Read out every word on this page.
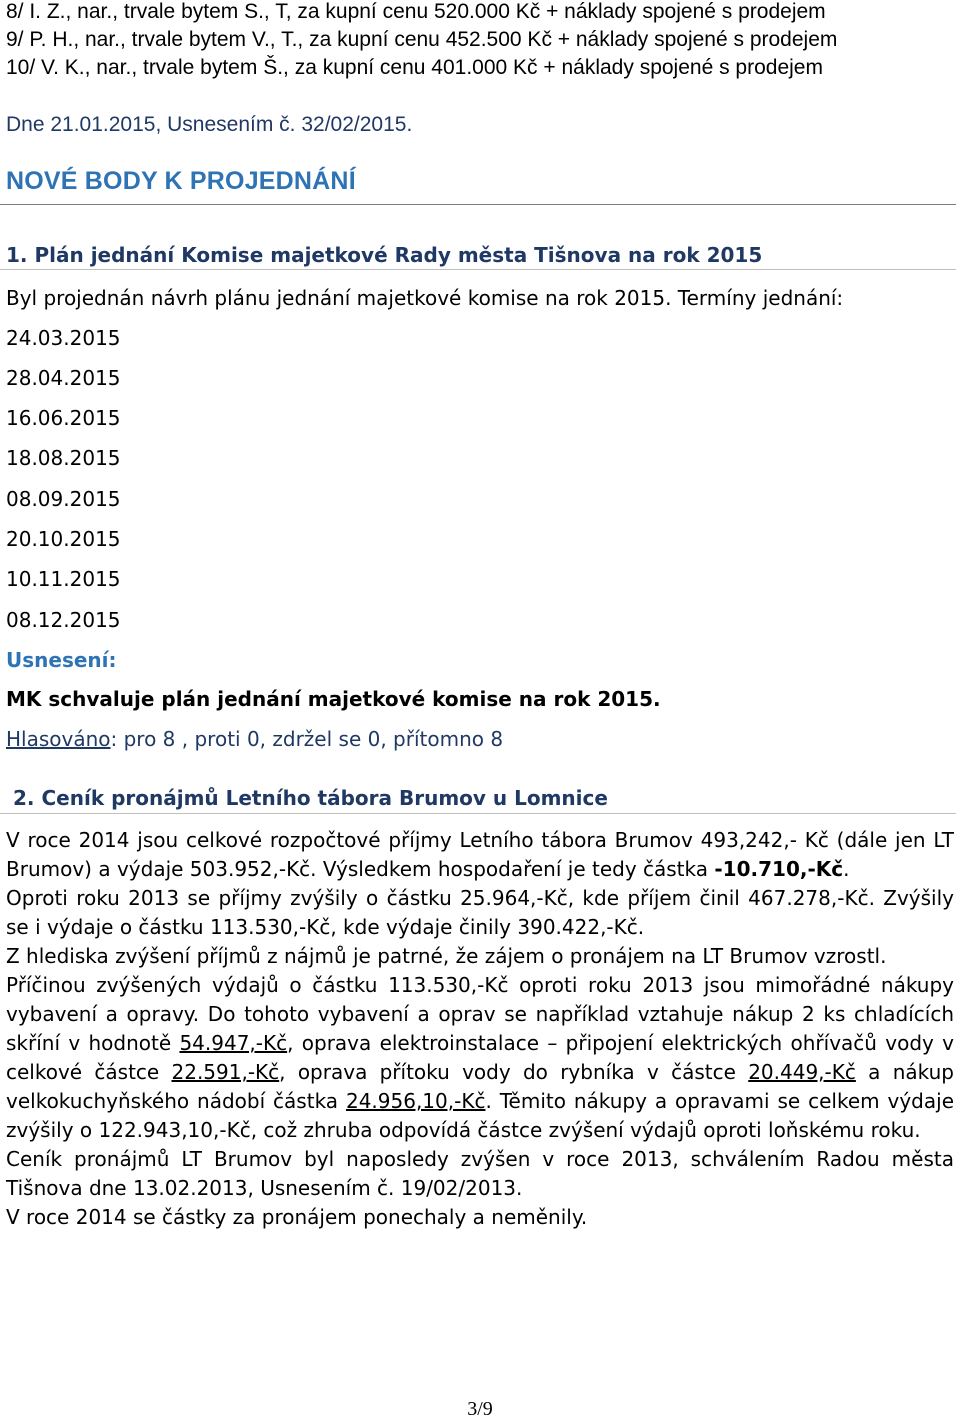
8/ I. Z., nar., trvale bytem S., T, za kupní cenu 520.000 Kč + náklady spojené s prodejem
9/ P. H., nar., trvale bytem V., T., za kupní cenu 452.500 Kč + náklady spojené s prodejem
10/ V. K., nar., trvale bytem Š., za kupní cenu 401.000 Kč + náklady spojené s prodejem
Dne 21.01.2015, Usnesením č. 32/02/2015.
NOVÉ BODY K PROJEDNÁNÍ
1. Plán jednání Komise majetkové Rady města Tišnova na rok 2015
Byl projednán návrh plánu jednání majetkové komise na rok 2015. Termíny jednání:
24.03.2015
28.04.2015
16.06.2015
18.08.2015
08.09.2015
20.10.2015
10.11.2015
08.12.2015
Usnesení:
MK schvaluje plán jednání majetkové komise na rok 2015.
Hlasováno: pro 8 , proti 0, zdržel se 0, přítomno 8
2. Ceník pronájmů Letního tábora Brumov u Lomnice

V roce 2014 jsou celkové rozpočtové příjmy Letního tábora Brumov 493,242,- Kč (dále jen LT Brumov) a výdaje 503.952,-Kč. Výsledkem hospodaření je tedy částka -10.710,-Kč.

Oproti roku 2013 se příjmy zvýšily o částku 25.964,-Kč, kde příjem činil 467.278,-Kč. Zvýšily se i výdaje o částku 113.530,-Kč, kde výdaje činily 390.422,-Kč.

Z hlediska zvýšení příjmů z nájmů je patrné, že zájem o pronájem na LT Brumov vzrostl.

Příčinou zvýšených výdajů o částku 113.530,-Kč oproti roku 2013 jsou mimořádné nákupy vybavení a opravy. Do tohoto vybavení a oprav se například vztahuje nákup 2 ks chladících skříní v hodnotě 54.947,-Kč, oprava elektroinstalace – připojení elektrických ohřívačů vody v celkové částce 22.591,-Kč, oprava přítoku vody do rybníka v částce 20.449,-Kč a nákup velkokuchyňského nádobí částka 24.956,10,-Kč. Těmito nákupy a opravami se celkem výdaje zvýšily o 122.943,10,-Kč, což zhruba odpovídá částce zvýšení výdajů oproti loňskému roku.

Ceník pronájmů LT Brumov byl naposledy zvýšen v roce 2013, schválením Radou města Tišnova dne 13.02.2013, Usnesením č. 19/02/2013.

V roce 2014 se částky za pronájem ponechaly a neměnily.

3/9
